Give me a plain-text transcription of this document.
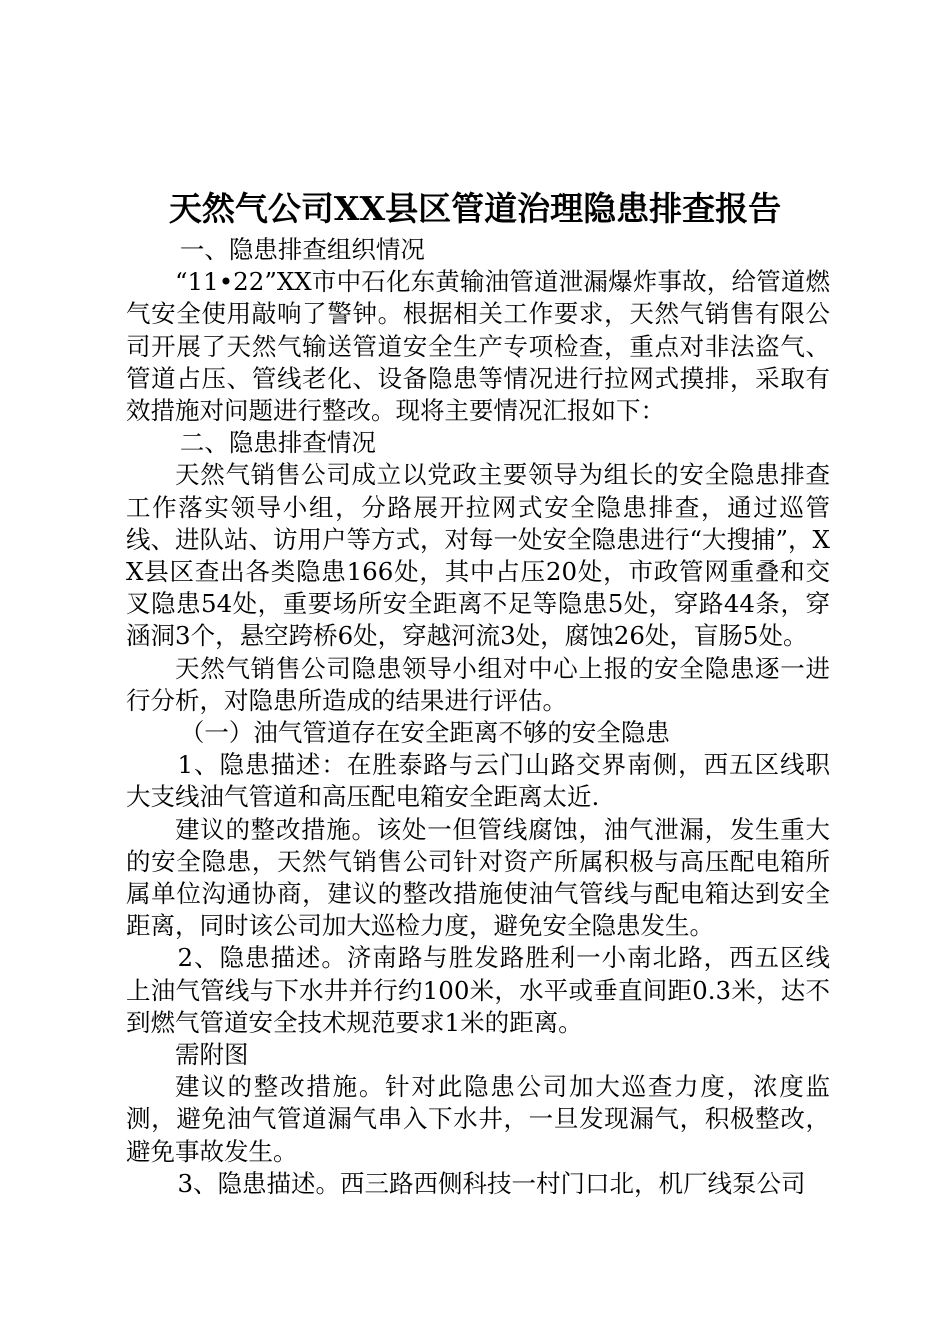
天然气公司XX县区管道治理隐患排查报告

一、隐患排查组织情况

“11•22”XX市中石化东黄输油管道泄漏爆炸事故，给管道燃气安全使用敲响了警钟。根据相关工作要求，天然气销售有限公司开展了天然气输送管道安全生产专项检查，重点对非法盗气、管道占压、管线老化、设备隐患等情况进行拉网式摸排，采取有效措施对问题进行整改。现将主要情况汇报如下：

二、隐患排查情况

天然气销售公司成立以党政主要领导为组长的安全隐患排查工作落实领导小组，分路展开拉网式安全隐患排查，通过巡管线、进队站、访用户等方式，对每一处安全隐患进行“大搜捕”，XX县区查出各类隐患166处，其中占压20处，市政管网重叠和交叉隐患54处，重要场所安全距离不足等隐患5处，穿路44条，穿涵洞3个，悬空跨桥6处，穿越河流3处，腐蚀26处，盲肠5处。

天然气销售公司隐患领导小组对中心上报的安全隐患逐一进行分析，对隐患所造成的结果进行评估。

（一）油气管道存在安全距离不够的安全隐患

1、隐患描述：在胜泰路与云门山路交界南侧，西五区线职大支线油气管道和高压配电箱安全距离太近.

建议的整改措施。该处一但管线腐蚀，油气泄漏，发生重大的安全隐患，天然气销售公司针对资产所属积极与高压配电箱所属单位沟通协商，建议的整改措施使油气管线与配电箱达到安全距离，同时该公司加大巡检力度，避免安全隐患发生。

2、隐患描述。济南路与胜发路胜利一小南北路，西五区线上油气管线与下水井并行约100米，水平或垂直间距0.3米，达不到燃气管道安全技术规范要求1米的距离。

需附图

建议的整改措施。针对此隐患公司加大巡查力度，浓度监测，避免油气管道漏气串入下水井，一旦发现漏气，积极整改，避免事故发生。

3、隐患描述。西三路西侧科技一村门口北，机厂线泵公司
